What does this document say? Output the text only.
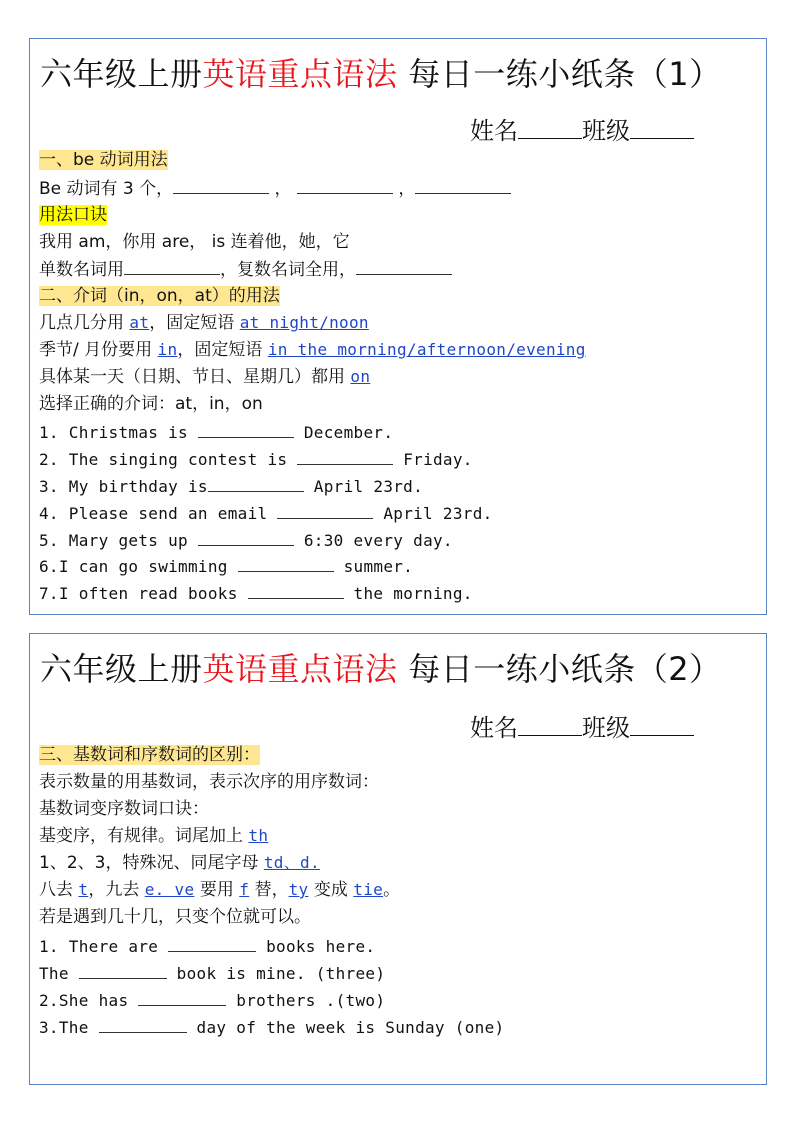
六年级上册英语重点语法 每日一练小纸条（1）
姓名	班级
一、be 动词用法
Be 动词有 3 个，	，	，
用法口诀
我用 am，你用 are， is 连着他，她，它
单数名词用	，复数名词全用，
二、介词（in，on，at）的用法
几点几分用 at，固定短语 at night/noon
季节/ 月份要用 in，固定短语 in the morning/afternoon/evening
具体某一天（日期、节日、星期几）都用 on
选择正确的介词：at，in，on
1. Christmas is	December.
2. The singing contest is	Friday.
3. My birthday is	April 23rd.
4. Please send an email	April 23rd.
5. Mary gets up	6:30 every day.
6.I can go swimming	summer.
7.I often read books	the morning.
六年级上册英语重点语法 每日一练小纸条（2）
姓名	班级
三、基数词和序数词的区别：
表示数量的用基数词，表示次序的用序数词：
基数词变序数词口诀：
基变序，有规律。词尾加上 th
1、2、3，特殊况、同尾字母 td、d.
八去 t，九去 e. ve 要用 f 替，ty 变成 tie。
若是遇到几十几，只变个位就可以。
1. There are	books here.
The	book is mine. (three)
2.She has	brothers .(two)
3.The	day of the week is Sunday (one)
